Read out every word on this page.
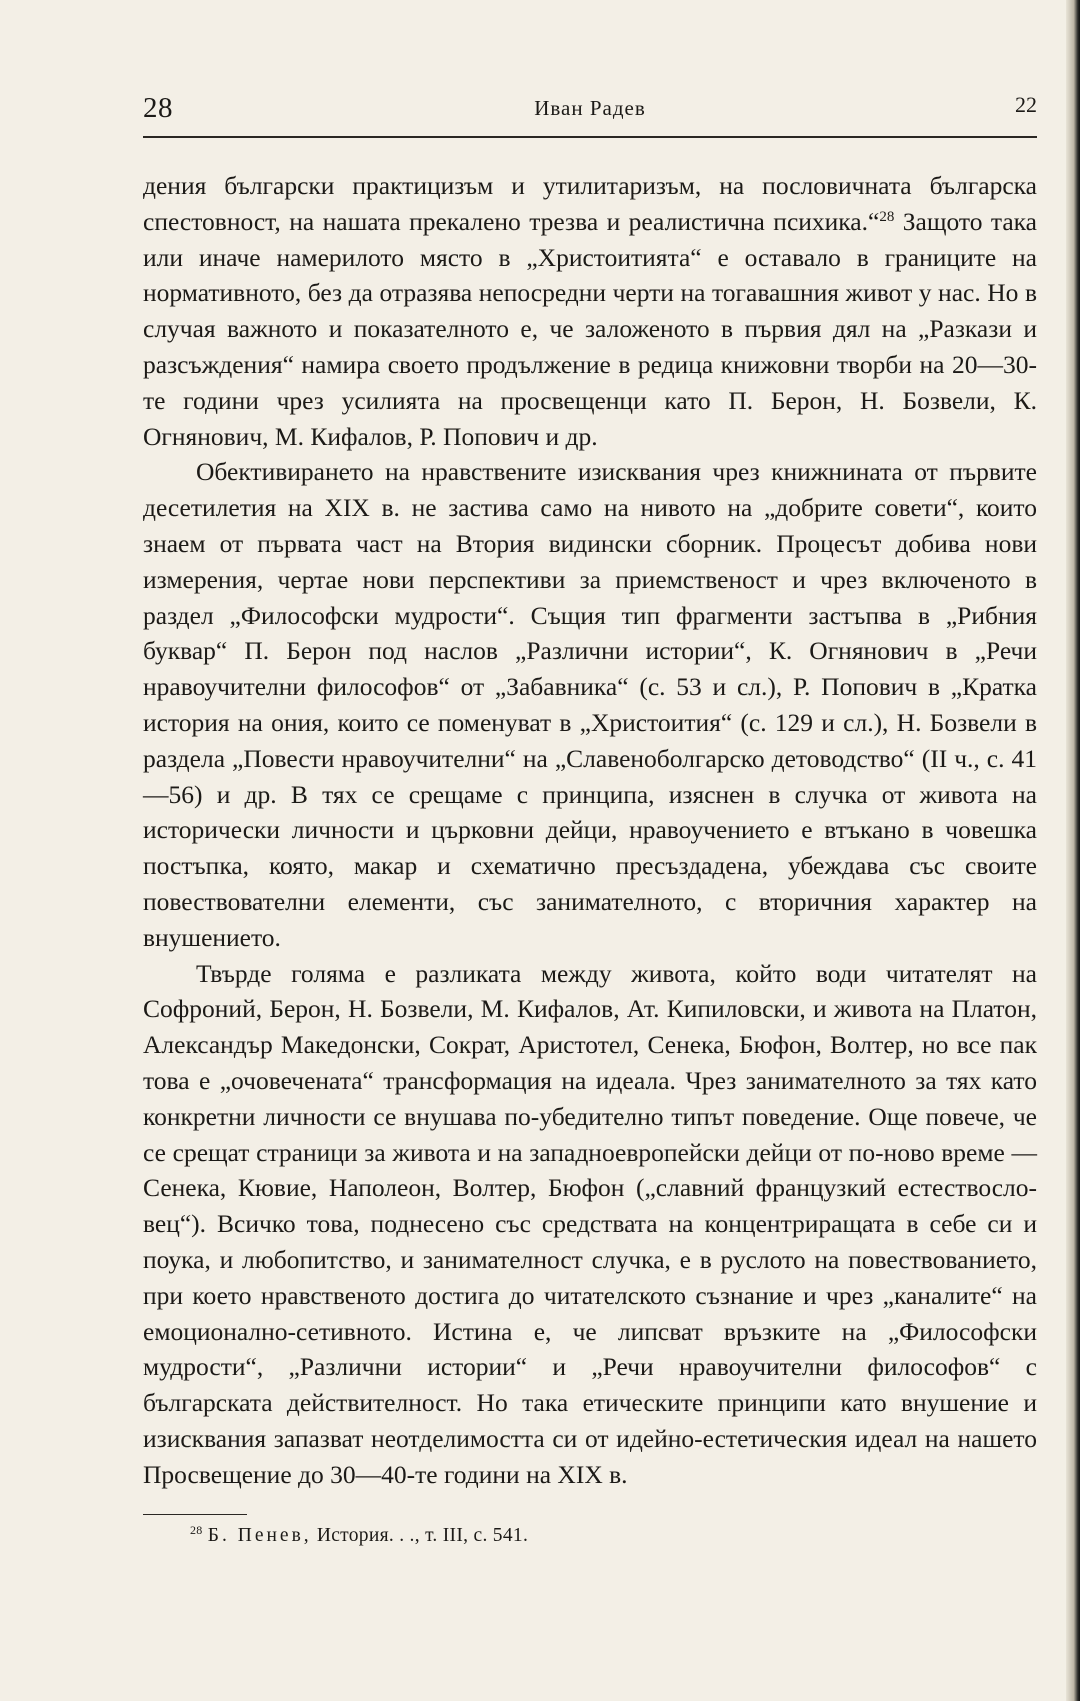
28	Иван Радев	22

дения български практицизъм и утилитаризъм, на пословичната българска спестовност, на нашата прекалено трезва и реалистична психика.“$^{28}$ Защото така или иначе намерилото място в „Христоитията“ е оставало в границите на нормативното, без да отразява непосредни черти на тогавашния живот у нас. Но в случая важното и показателното е, че заложеното в първия дял на „Разкази и разсъждения“ намира своето продължение в редица книжовни творби на 20—30-те години чрез усилията на просвещенци като П. Берон, Н. Бозвели, К. Огнянович, М. Кифалов, Р. Попович и др.

Обективирането на нравствените изисквания чрез книжнината от първите десетилетия на XIX в. не застива само на нивото на „добрите совети“, които знаем от първата част на Втория видински сборник. Процесът добива нови измерения, чертае нови перспективи за приемственост и чрез включеното в раздел „Философски мудрости“. Същия тип фрагменти застъпва в „Рибния буквар“ П. Берон под наслов „Различни истории“, К. Огнянович в „Речи нравоучителни философов“ от „Забавника“ (с. 53 и сл.), Р. Попович в „Кратка история на ония, които се поменуват в „Христоития“ (с. 129 и сл.), Н. Бозвели в раздела „Повести нравоучителни“ на „Славеноболгарско детоводство“ (II ч., с. 41—56) и др. В тях се срещаме с принципа, изяснен в случка от живота на исторически личности и църковни дейци, нравоучението е втъкано в човешка постъпка, която, макар и схематично пресъздадена, убеждава със своите повествователни елементи, със занимателното, с вторичния характер на внушението.

Твърде голяма е разликата между живота, който води читателят на Софроний, Берон, Н. Бозвели, М. Кифалов, Ат. Кипиловски, и живота на Платон, Александър Македонски, Сократ, Аристотел, Сенека, Бюфон, Волтер, но все пак това е „очовечената“ трансформация на идеала. Чрез занимателното за тях като конкретни личности се внушава по-убедително типът поведение. Още повече, че се срещат страници за живота и на западноевропейски дейци от по-ново време — Сенека, Кювие, Наполеон, Волтер, Бюфон („славний французкий естествословец“). Всичко това, поднесено със средствата на концентриращата в себе си и поука, и любопитство, и занимателност случка, е в руслото на повествованието, при което нравственото достига до читателското съзнание и чрез „каналите“ на емоционално-сетивното. Истина е, че липсват връзките на „Философски мудрости“, „Различни истории“ и „Речи нравоучителни философов“ с българската действителност. Но така етическите принципи като внушение и изисквания запазват неотделимостта си от идейно-естетическия идеал на нашето Просвещение до 30—40-те години на XIX в.

$^{28}$ Б. Пенев, История. . ., т. III, с. 541.
